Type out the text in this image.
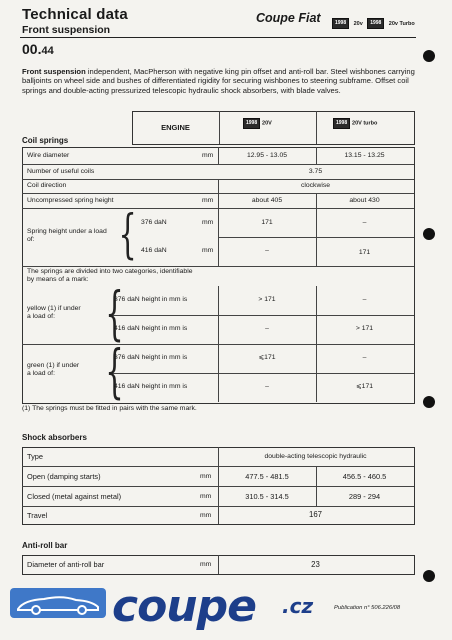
Technical data
Front suspension
00.44
Coupe Fiat	1998 20v 1998 20v Turbo
Front suspension independent, MacPherson with negative king pin offset and anti-roll bar. Steel wishbones carrying balljoints on wheel side and bushes of differentiated rigidity for securing wishbones to steering subframe. Offset coil springs and double-acting pressurized telescopic hydraulic shock absorbers, with blade valves.
ENGINE	1998 20V	1998 20V turbo
Coil springs
Wire diameter	mm	12.95 - 13.05	13.15 - 13.25
Number of useful coils	3.75
Coil direction	clockwise
Uncompressed spring height	mm	about 405	about 430
Spring height under a load of:	{ 376 daN	mm	171	–
416 daN	mm	–	171
The springs are divided into two categories, identifiable by means of a mark:
yellow (1) if under a load of: {
376 daN height in mm is	> 171	–
416 daN height in mm is	–	> 171
green (1) if under a load of: {
376 daN height in mm is	⩽171	–
416 daN height in mm is	–	⩽171
(1) The springs must be fitted in pairs with the same mark.
Shock absorbers
Type	double-acting telescopic hydraulic
Open (damping starts)	mm	477.5 - 481.5	456.5 - 460.5
Closed (metal against metal)	mm	310.5 - 314.5	289 - 294
Travel	mm	167
Anti-roll bar
Diameter of anti-roll bar	mm	23
coupe .cz	Publication n° 506.226/08
